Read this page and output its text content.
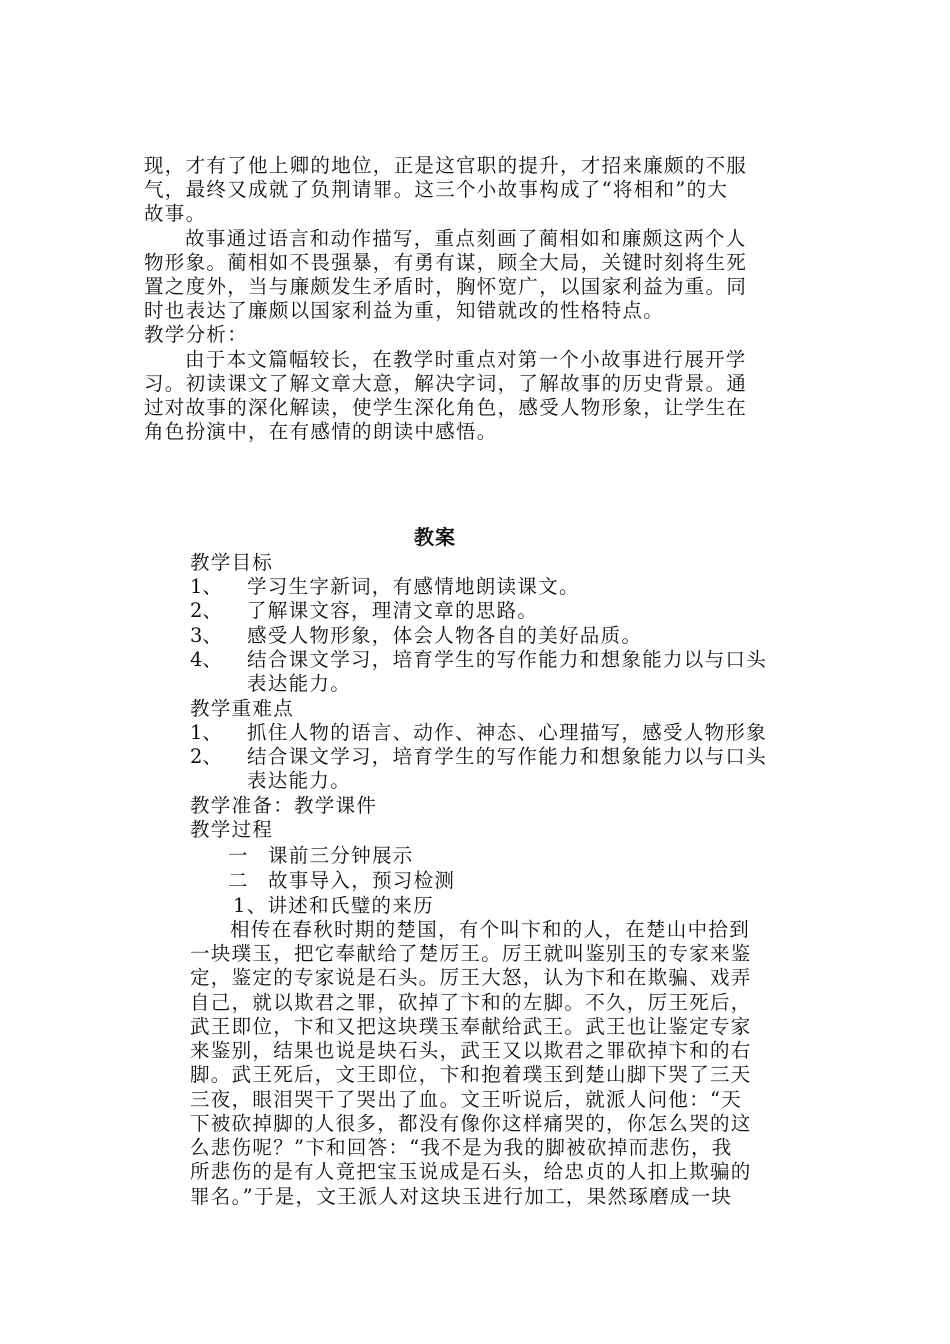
现，才有了他上卿的地位，正是这官职的提升，才招来廉颇的不服
气，最终又成就了负荆请罪。这三个小故事构成了“将相和”的大
故事。
故事通过语言和动作描写，重点刻画了蔺相如和廉颇这两个人
物形象。蔺相如不畏强暴，有勇有谋，顾全大局，关键时刻将生死
置之度外，当与廉颇发生矛盾时，胸怀宽广，以国家利益为重。同
时也表达了廉颇以国家利益为重，知错就改的性格特点。
教学分析：
由于本文篇幅较长，在教学时重点对第一个小故事进行展开学
习。初读课文了解文章大意，解决字词，了解故事的历史背景。通
过对故事的深化解读，使学生深化角色，感受人物形象，让学生在
角色扮演中，在有感情的朗读中感悟。
教案
教学目标
1、 学习生字新词，有感情地朗读课文。
2、 了解课文容，理清文章的思路。
3、 感受人物形象，体会人物各自的美好品质。
4、 结合课文学习，培育学生的写作能力和想象能力以与口头
表达能力。
教学重难点
1、 抓住人物的语言、动作、神态、心理描写，感受人物形象
2、 结合课文学习，培育学生的写作能力和想象能力以与口头
表达能力。
教学准备：教学课件
教学过程
一 课前三分钟展示
二 故事导入，预习检测
1、讲述和氏璧的来历
相传在春秋时期的楚国，有个叫卞和的人，在楚山中拾到
一块璞玉，把它奉献给了楚厉王。厉王就叫鉴别玉的专家来鉴
定，鉴定的专家说是石头。厉王大怒，认为卞和在欺骗、戏弄
自己，就以欺君之罪，砍掉了卞和的左脚。不久，厉王死后，
武王即位，卞和又把这块璞玉奉献给武王。武王也让鉴定专家
来鉴别，结果也说是块石头，武王又以欺君之罪砍掉卞和的右
脚。武王死后，文王即位，卞和抱着璞玉到楚山脚下哭了三天
三夜，眼泪哭干了哭出了血。文王听说后，就派人问他：“天
下被砍掉脚的人很多，都没有像你这样痛哭的，你怎么哭的这
么悲伤呢？”卞和回答：“我不是为我的脚被砍掉而悲伤，我
所悲伤的是有人竟把宝玉说成是石头，给忠贞的人扣上欺骗的
罪名。”于是，文王派人对这块玉进行加工，果然琢磨成一块
